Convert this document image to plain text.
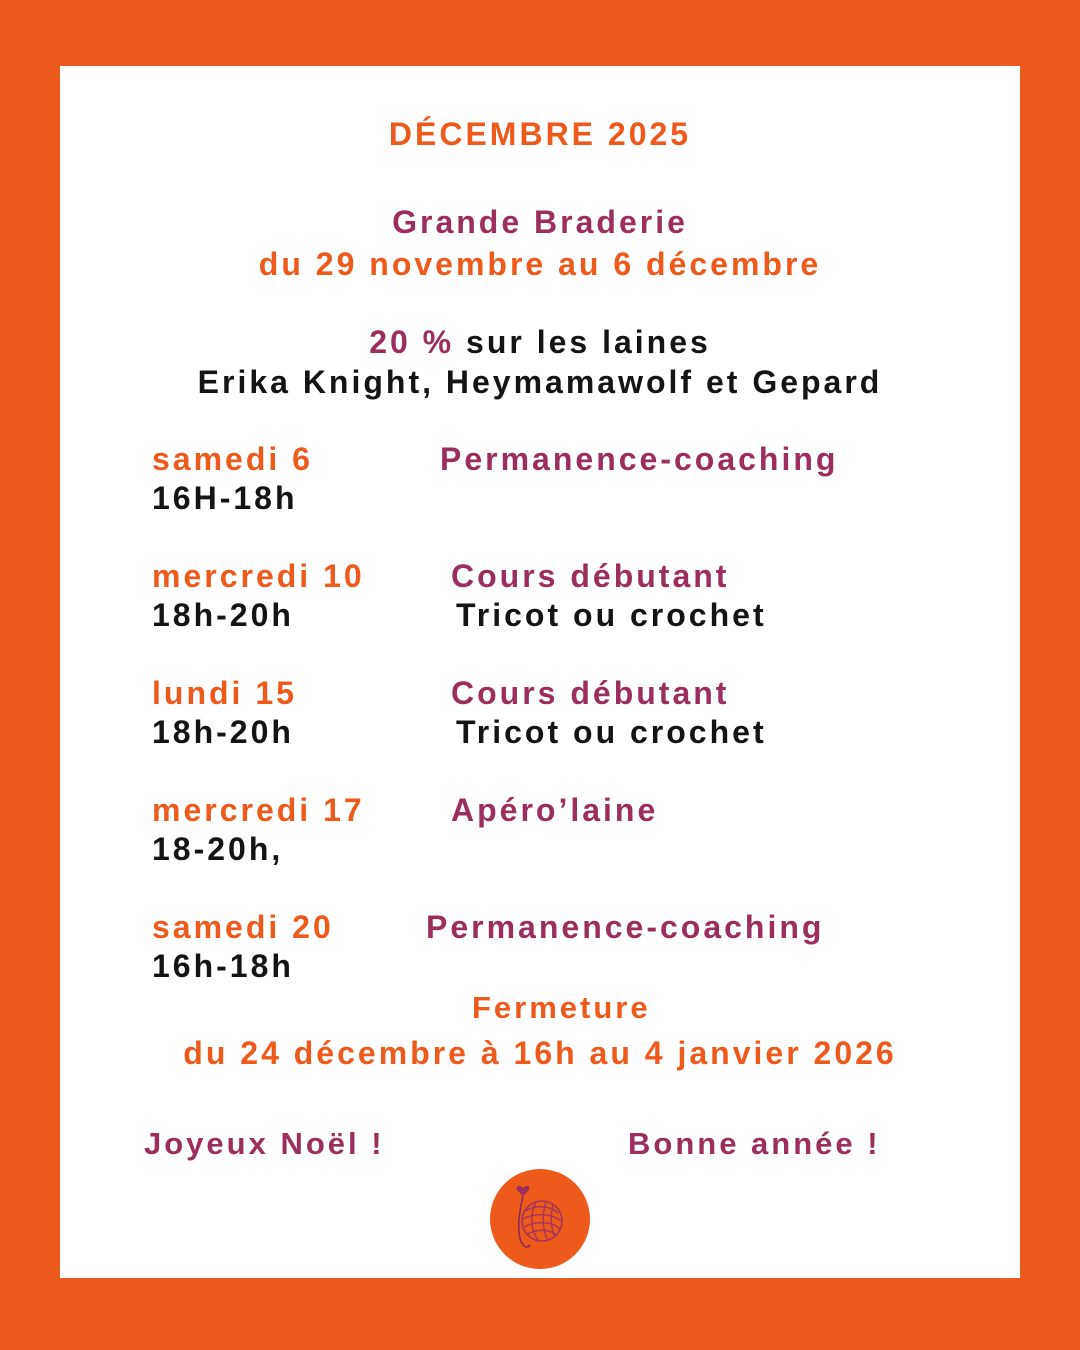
DÉCEMBRE 2025
Grande Braderie
du 29 novembre au 6 décembre
20 % sur les laines
Erika Knight, Heymamawolf et Gepard
samedi 6	Permanence-coaching
16H-18h
mercredi 10	Cours débutant
18h-20h	Tricot ou crochet
lundi 15	Cours débutant
18h-20h	Tricot ou crochet
mercredi 17	Apéro’laine
18-20h,
samedi 20	Permanence-coaching
16h-18h
Fermeture
du 24 décembre à 16h au 4 janvier 2026
Joyeux Noël !	Bonne année !
